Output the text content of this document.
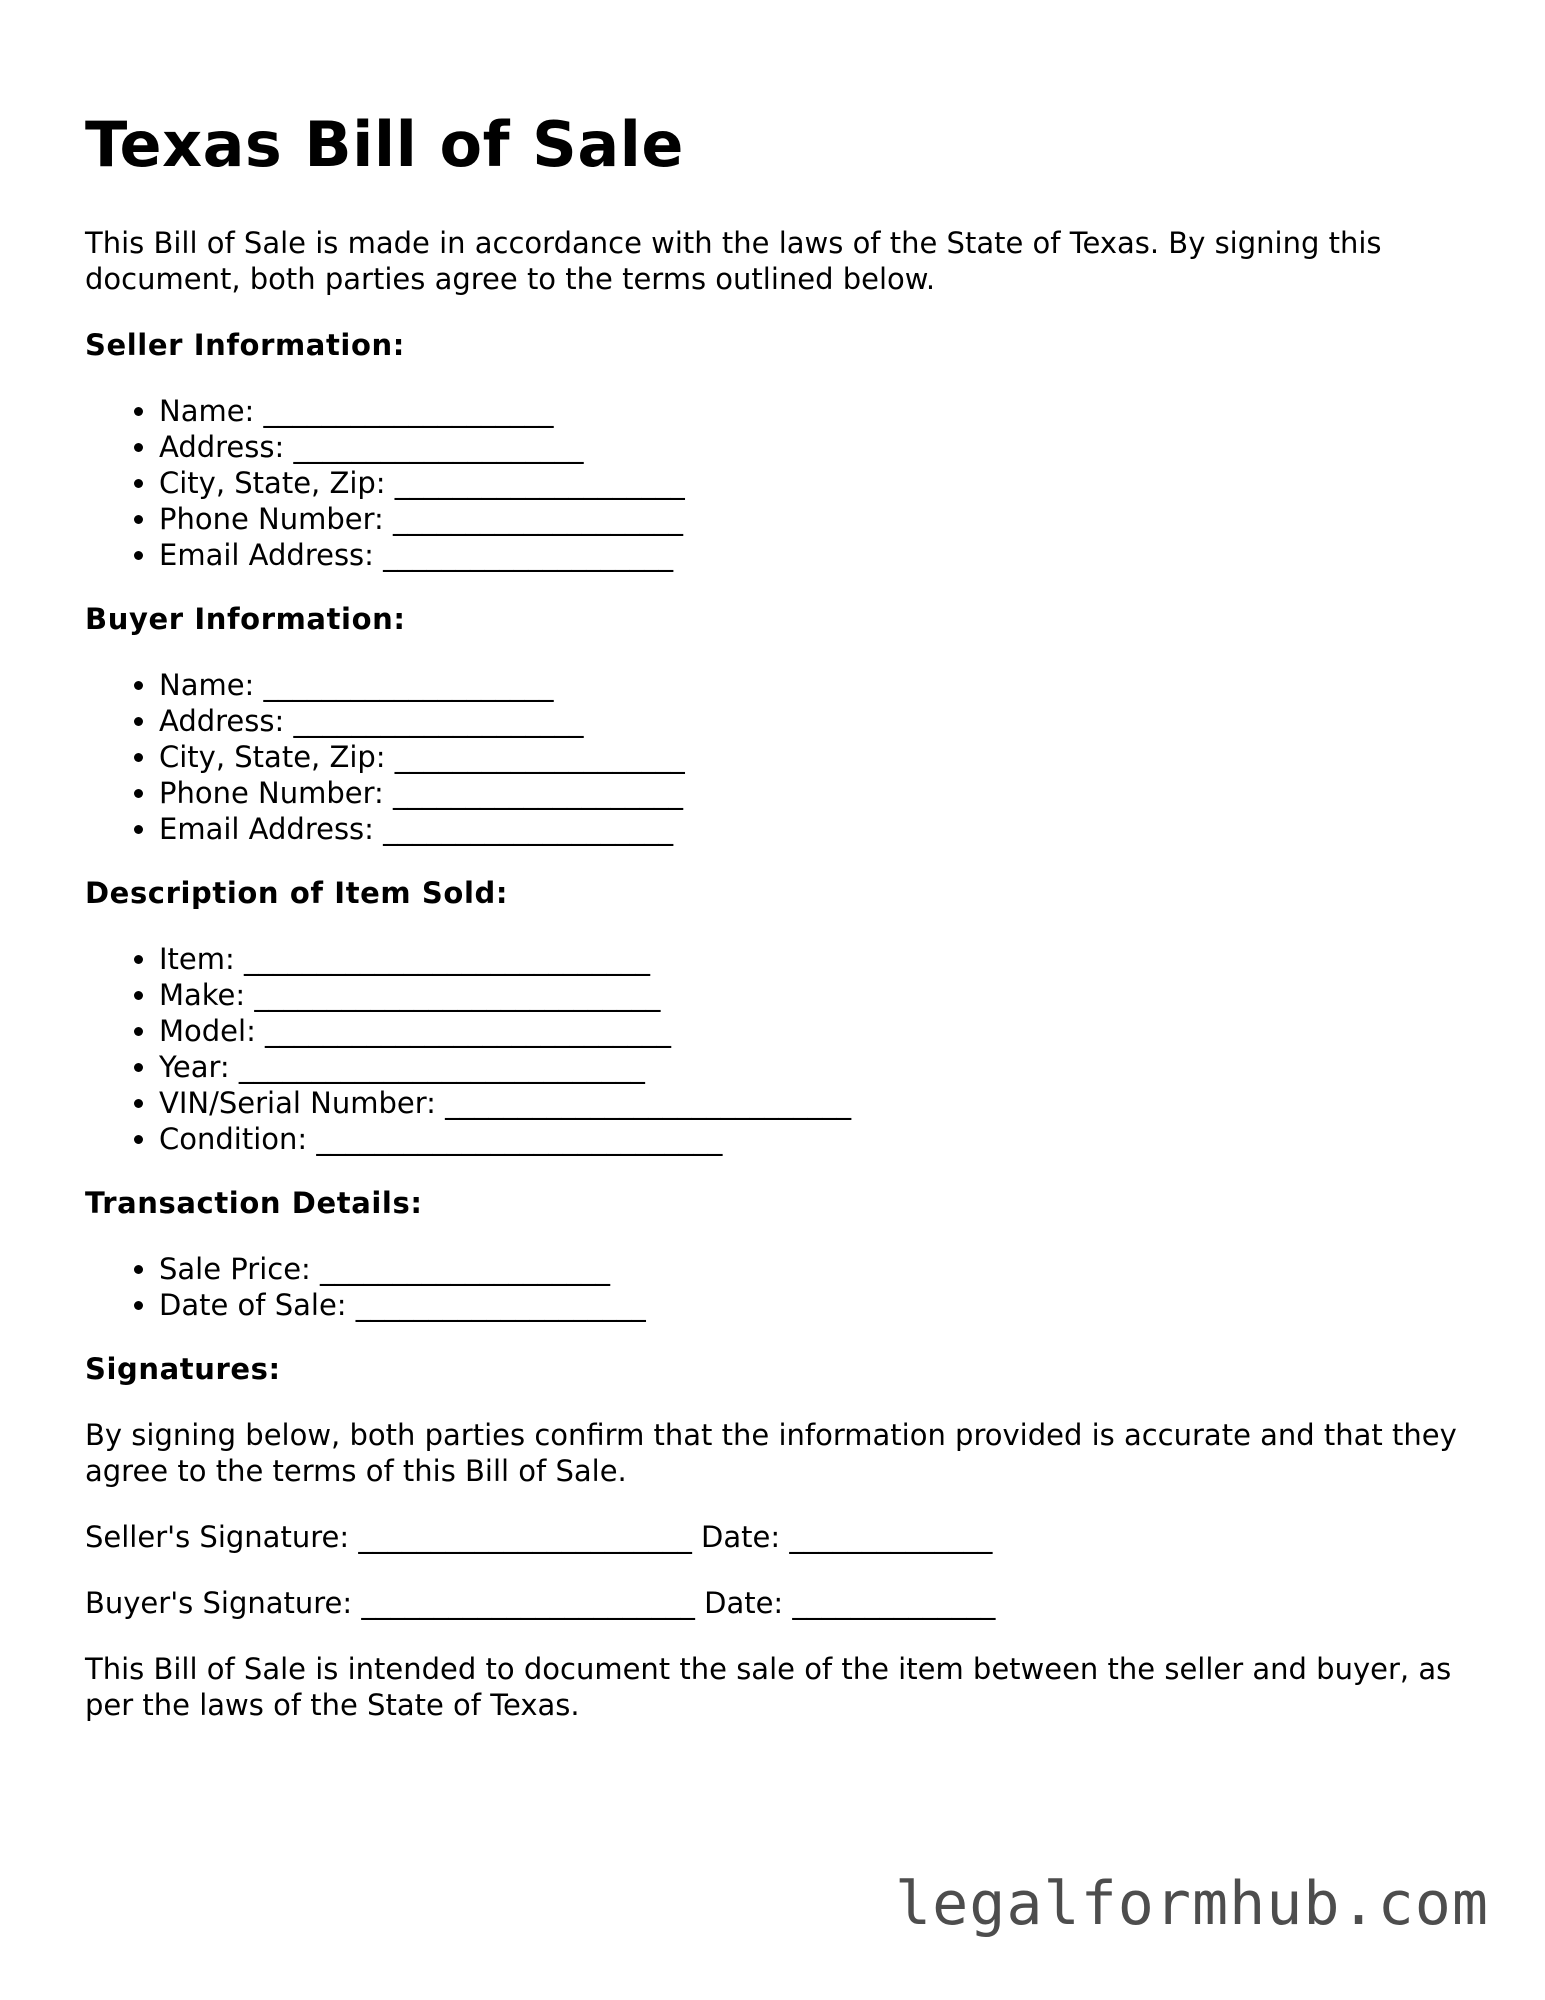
Texas Bill of Sale

This Bill of Sale is made in accordance with the laws of the State of Texas. By signing this document, both parties agree to the terms outlined below.

Seller Information:
• Name: ____________________
• Address: ____________________
• City, State, Zip: ____________________
• Phone Number: ____________________
• Email Address: ____________________
Buyer Information:
• Name: ____________________
• Address: ____________________
• City, State, Zip: ____________________
• Phone Number: ____________________
• Email Address: ____________________
Description of Item Sold:
• Item: ____________________________
• Make: ____________________________
• Model: ____________________________
• Year: ____________________________
• VIN/Serial Number: ____________________________
• Condition: ____________________________
Transaction Details:
• Sale Price: ____________________
• Date of Sale: ____________________
Signatures:

By signing below, both parties confirm that the information provided is accurate and that they agree to the terms of this Bill of Sale.

Seller's Signature: _______________________ Date: ______________

Buyer's Signature: _______________________ Date: ______________

This Bill of Sale is intended to document the sale of the item between the seller and buyer, as per the laws of the State of Texas.

legalformhub.com
